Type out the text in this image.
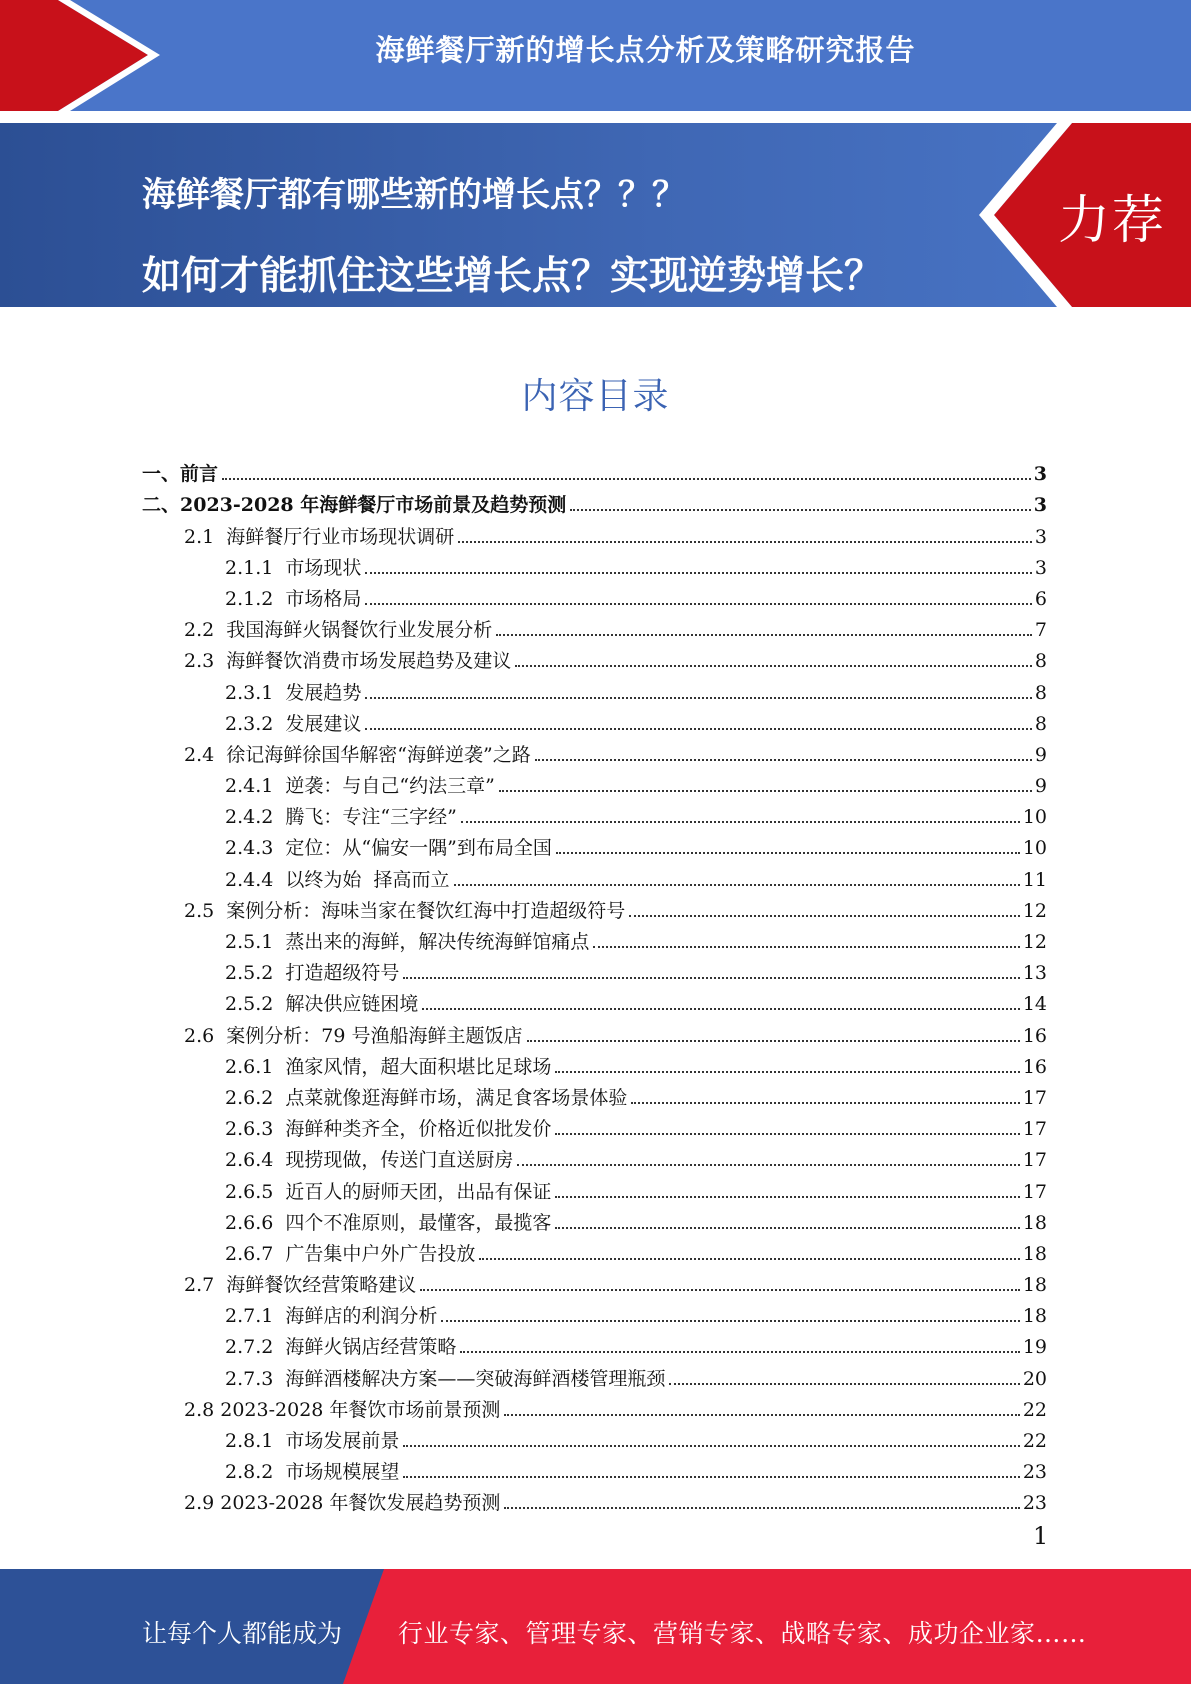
海鲜餐厅新的增长点分析及策略研究报告
海鲜餐厅都有哪些新的增长点？？？
如何才能抓住这些增长点？实现逆势增长？
力荐
内容目录
一、前言	3
二、2023-2028 年海鲜餐厅市场前景及趋势预测	3
2.1  海鲜餐厅行业市场现状调研	3
2.1.1  市场现状	3
2.1.2  市场格局	6
2.2  我国海鲜火锅餐饮行业发展分析	7
2.3  海鲜餐饮消费市场发展趋势及建议	8
2.3.1  发展趋势	8
2.3.2  发展建议	8
2.4  徐记海鲜徐国华解密“海鲜逆袭”之路	9
2.4.1  逆袭：与自己“约法三章”	9
2.4.2  腾飞：专注“三字经”	10
2.4.3  定位：从“偏安一隅”到布局全国	10
2.4.4  以终为始  择高而立	11
2.5  案例分析：海味当家在餐饮红海中打造超级符号	12
2.5.1  蒸出来的海鲜，解决传统海鲜馆痛点	12
2.5.2  打造超级符号	13
2.5.2  解决供应链困境	14
2.6  案例分析：79 号渔船海鲜主题饭店	16
2.6.1  渔家风情，超大面积堪比足球场	16
2.6.2  点菜就像逛海鲜市场，满足食客场景体验	17
2.6.3  海鲜种类齐全，价格近似批发价	17
2.6.4  现捞现做，传送门直送厨房	17
2.6.5  近百人的厨师天团，出品有保证	17
2.6.6  四个不准原则，最懂客，最揽客	18
2.6.7  广告集中户外广告投放	18
2.7  海鲜餐饮经营策略建议	18
2.7.1  海鲜店的利润分析	18
2.7.2  海鲜火锅店经营策略	19
2.7.3  海鲜酒楼解决方案——突破海鲜酒楼管理瓶颈	20
2.8 2023-2028 年餐饮市场前景预测	22
2.8.1  市场发展前景	22
2.8.2  市场规模展望	23
2.9 2023-2028 年餐饮发展趋势预测	23
1
让每个人都能成为 行业专家、管理专家、营销专家、战略专家、成功企业家……
